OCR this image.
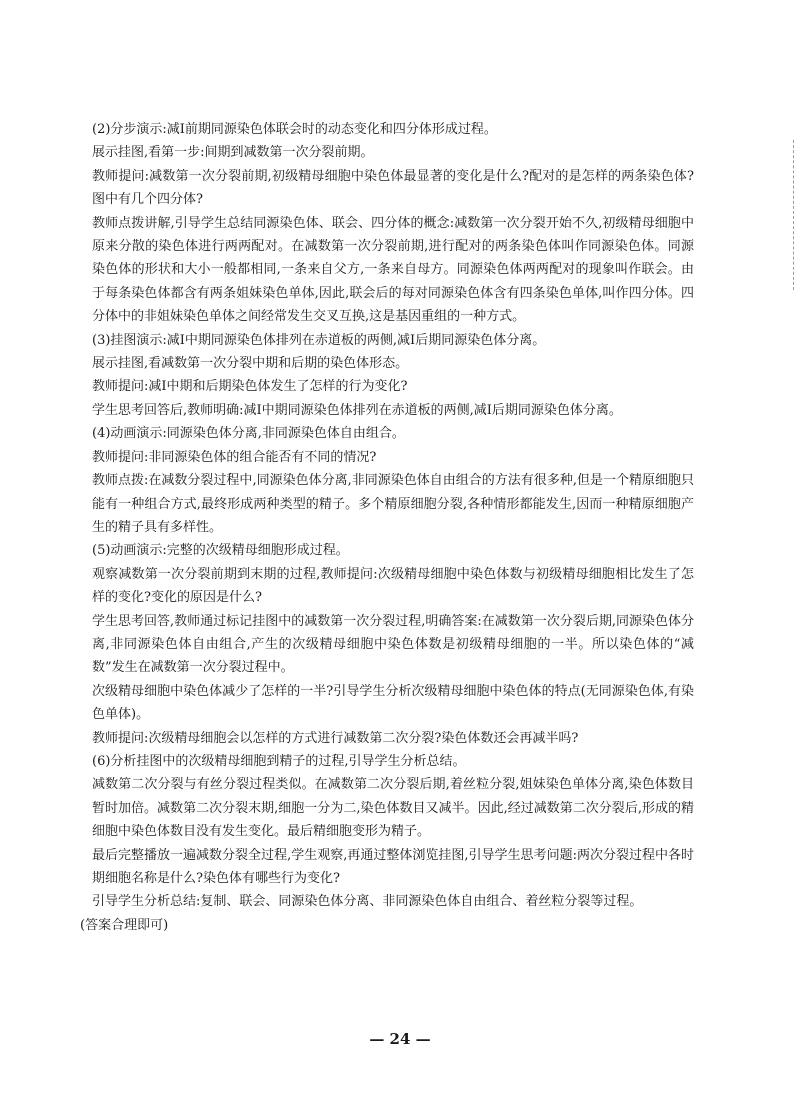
(2)分步演示:减Ⅰ前期同源染色体联会时的动态变化和四分体形成过程。

展示挂图,看第一步:间期到减数第一次分裂前期。

教师提问:减数第一次分裂前期,初级精母细胞中染色体最显著的变化是什么?配对的是怎样的两条染色体?图中有几个四分体?

教师点拨讲解,引导学生总结同源染色体、联会、四分体的概念:减数第一次分裂开始不久,初级精母细胞中原来分散的染色体进行两两配对。在减数第一次分裂前期,进行配对的两条染色体叫作同源染色体。同源染色体的形状和大小一般都相同,一条来自父方,一条来自母方。同源染色体两两配对的现象叫作联会。由于每条染色体都含有两条姐妹染色单体,因此,联会后的每对同源染色体含有四条染色单体,叫作四分体。四分体中的非姐妹染色单体之间经常发生交叉互换,这是基因重组的一种方式。

(3)挂图演示:减Ⅰ中期同源染色体排列在赤道板的两侧,减Ⅰ后期同源染色体分离。

展示挂图,看减数第一次分裂中期和后期的染色体形态。

教师提问:减Ⅰ中期和后期染色体发生了怎样的行为变化?

学生思考回答后,教师明确:减Ⅰ中期同源染色体排列在赤道板的两侧,减Ⅰ后期同源染色体分离。

(4)动画演示:同源染色体分离,非同源染色体自由组合。

教师提问:非同源染色体的组合能否有不同的情况?

教师点拨:在减数分裂过程中,同源染色体分离,非同源染色体自由组合的方法有很多种,但是一个精原细胞只能有一种组合方式,最终形成两种类型的精子。多个精原细胞分裂,各种情形都能发生,因而一种精原细胞产生的精子具有多样性。

(5)动画演示:完整的次级精母细胞形成过程。

观察减数第一次分裂前期到末期的过程,教师提问:次级精母细胞中染色体数与初级精母细胞相比发生了怎样的变化?变化的原因是什么?

学生思考回答,教师通过标记挂图中的减数第一次分裂过程,明确答案:在减数第一次分裂后期,同源染色体分离,非同源染色体自由组合,产生的次级精母细胞中染色体数是初级精母细胞的一半。所以染色体的“减数”发生在减数第一次分裂过程中。

次级精母细胞中染色体减少了怎样的一半?引导学生分析次级精母细胞中染色体的特点(无同源染色体,有染色单体)。

教师提问:次级精母细胞会以怎样的方式进行减数第二次分裂?染色体数还会再减半吗?

(6)分析挂图中的次级精母细胞到精子的过程,引导学生分析总结。

减数第二次分裂与有丝分裂过程类似。在减数第二次分裂后期,着丝粒分裂,姐妹染色单体分离,染色体数目暂时加倍。减数第二次分裂末期,细胞一分为二,染色体数目又减半。因此,经过减数第二次分裂后,形成的精细胞中染色体数目没有发生变化。最后精细胞变形为精子。

最后完整播放一遍减数分裂全过程,学生观察,再通过整体浏览挂图,引导学生思考问题:两次分裂过程中各时期细胞名称是什么?染色体有哪些行为变化?

引导学生分析总结:复制、联会、同源染色体分离、非同源染色体自由组合、着丝粒分裂等过程。

(答案合理即可)

— 24 —
